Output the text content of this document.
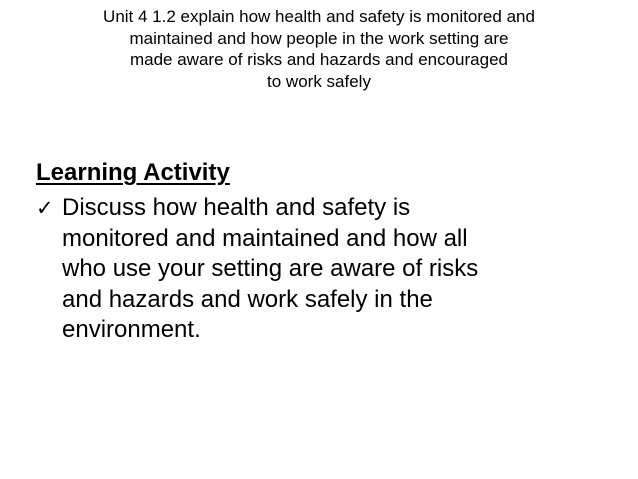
Unit 4 1.2 explain how health and safety is monitored and
maintained and how people in the work setting are
made aware of risks and hazards and encouraged
to work safely
Learning Activity
✓ Discuss how health and safety is
monitored and maintained and how all
who use your setting are aware of risks
and hazards and work safely in the
environment.
